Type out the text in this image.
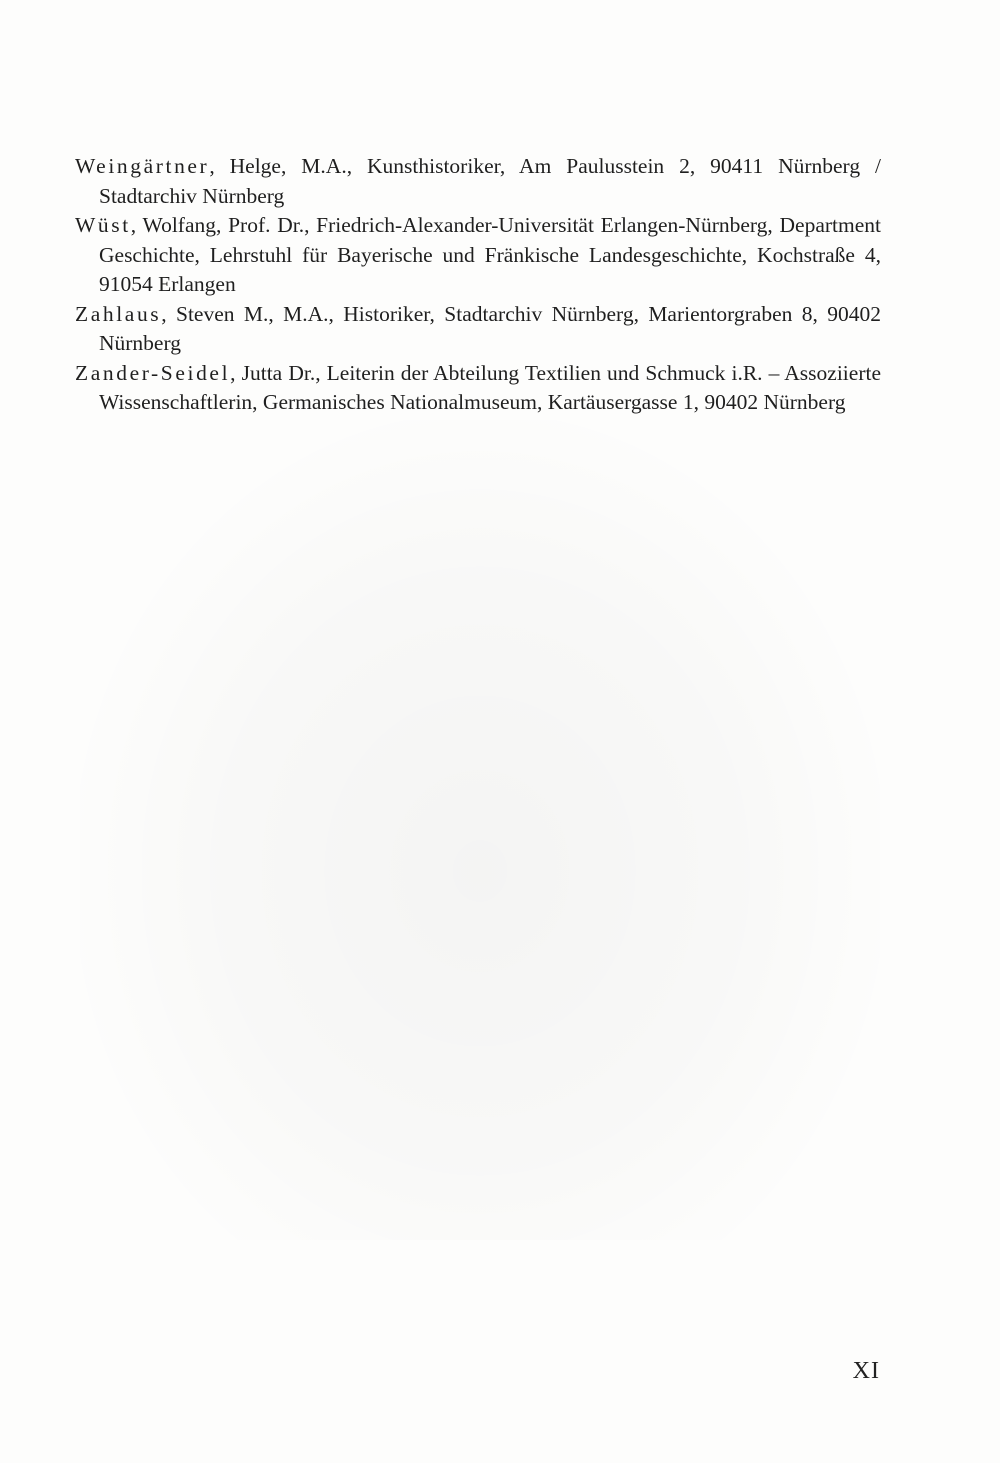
Weingärtner, Helge, M.A., Kunsthistoriker, Am Paulusstein 2, 90411 Nürnberg / Stadtarchiv Nürnberg
Wüst, Wolfang, Prof. Dr., Friedrich-Alexander-Universität Erlangen-Nürnberg, Department Geschichte, Lehrstuhl für Bayerische und Fränkische Landesgeschichte, Kochstraße 4, 91054 Erlangen
Zahlaus, Steven M., M.A., Historiker, Stadtarchiv Nürnberg, Marientorgraben 8, 90402 Nürnberg
Zander-Seidel, Jutta Dr., Leiterin der Abteilung Textilien und Schmuck i.R. – Assoziierte Wissenschaftlerin, Germanisches Nationalmuseum, Kartäusergasse 1, 90402 Nürnberg
XI
